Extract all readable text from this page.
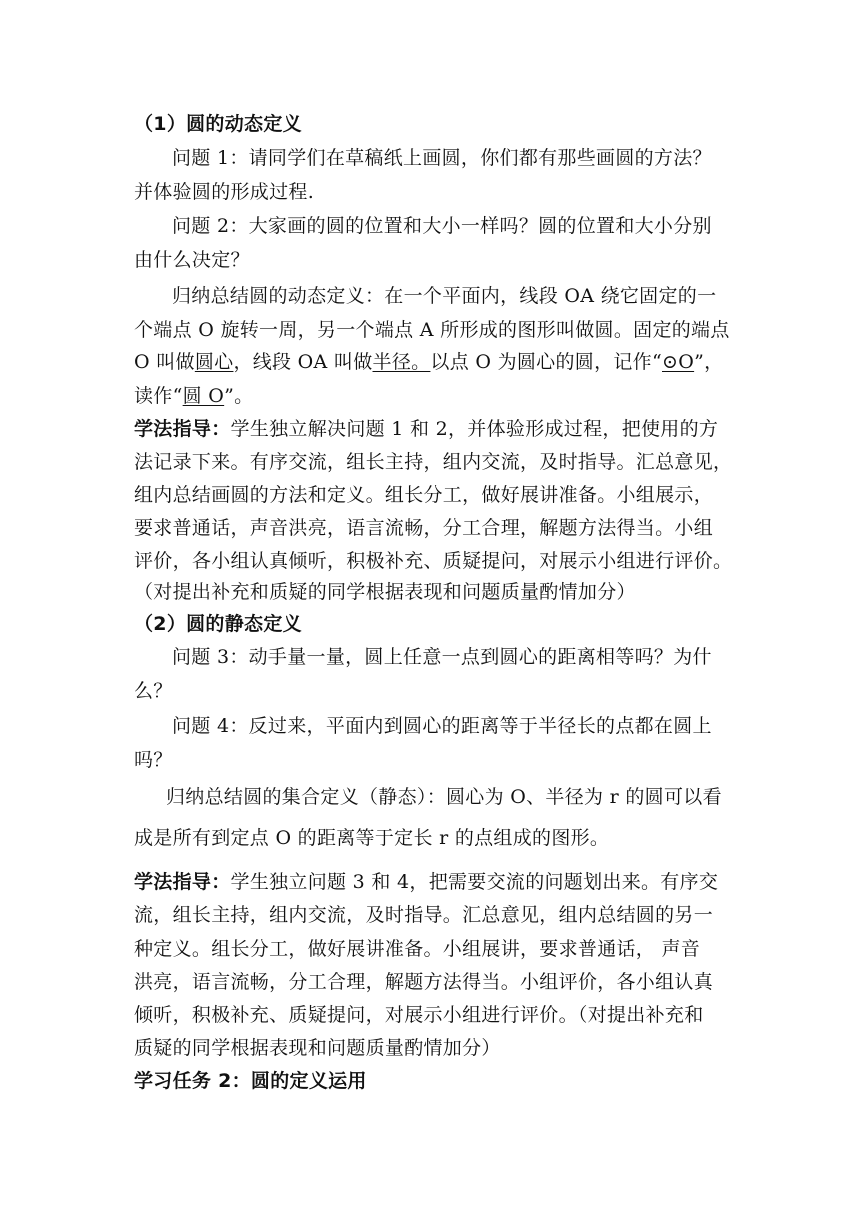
（1）圆的动态定义
问题 1：请同学们在草稿纸上画圆，你们都有那些画圆的方法？
并体验圆的形成过程.
问题 2：大家画的圆的位置和大小一样吗？圆的位置和大小分别
由什么决定？
归纳总结圆的动态定义：在一个平面内，线段 OA 绕它固定的一
个端点 O 旋转一周，另一个端点 A 所形成的图形叫做圆。固定的端点
O 叫做圆心，线段 OA 叫做半径。以点 O 为圆心的圆，记作“⊙O”，
读作“圆 O”。
学法指导：学生独立解决问题 1 和 2，并体验形成过程，把使用的方
法记录下来。有序交流，组长主持，组内交流，及时指导。汇总意见，
组内总结画圆的方法和定义。组长分工，做好展讲准备。小组展示，
要求普通话，声音洪亮，语言流畅，分工合理，解题方法得当。小组
评价，各小组认真倾听，积极补充、质疑提问，对展示小组进行评价。
（对提出补充和质疑的同学根据表现和问题质量酌情加分）
（2）圆的静态定义
问题 3：动手量一量，圆上任意一点到圆心的距离相等吗？为什
么？
问题 4：反过来，平面内到圆心的距离等于半径长的点都在圆上
吗？
归纳总结圆的集合定义（静态）：圆心为 O、半径为 r 的圆可以看
成是所有到定点 O 的距离等于定长 r 的点组成的图形。
学法指导：学生独立问题 3 和 4，把需要交流的问题划出来。有序交
流，组长主持，组内交流，及时指导。汇总意见，组内总结圆的另一
种定义。组长分工，做好展讲准备。小组展讲，要求普通话， 声音
洪亮，语言流畅，分工合理，解题方法得当。小组评价，各小组认真
倾听，积极补充、质疑提问，对展示小组进行评价。（对提出补充和
质疑的同学根据表现和问题质量酌情加分）
学习任务 2：圆的定义运用
